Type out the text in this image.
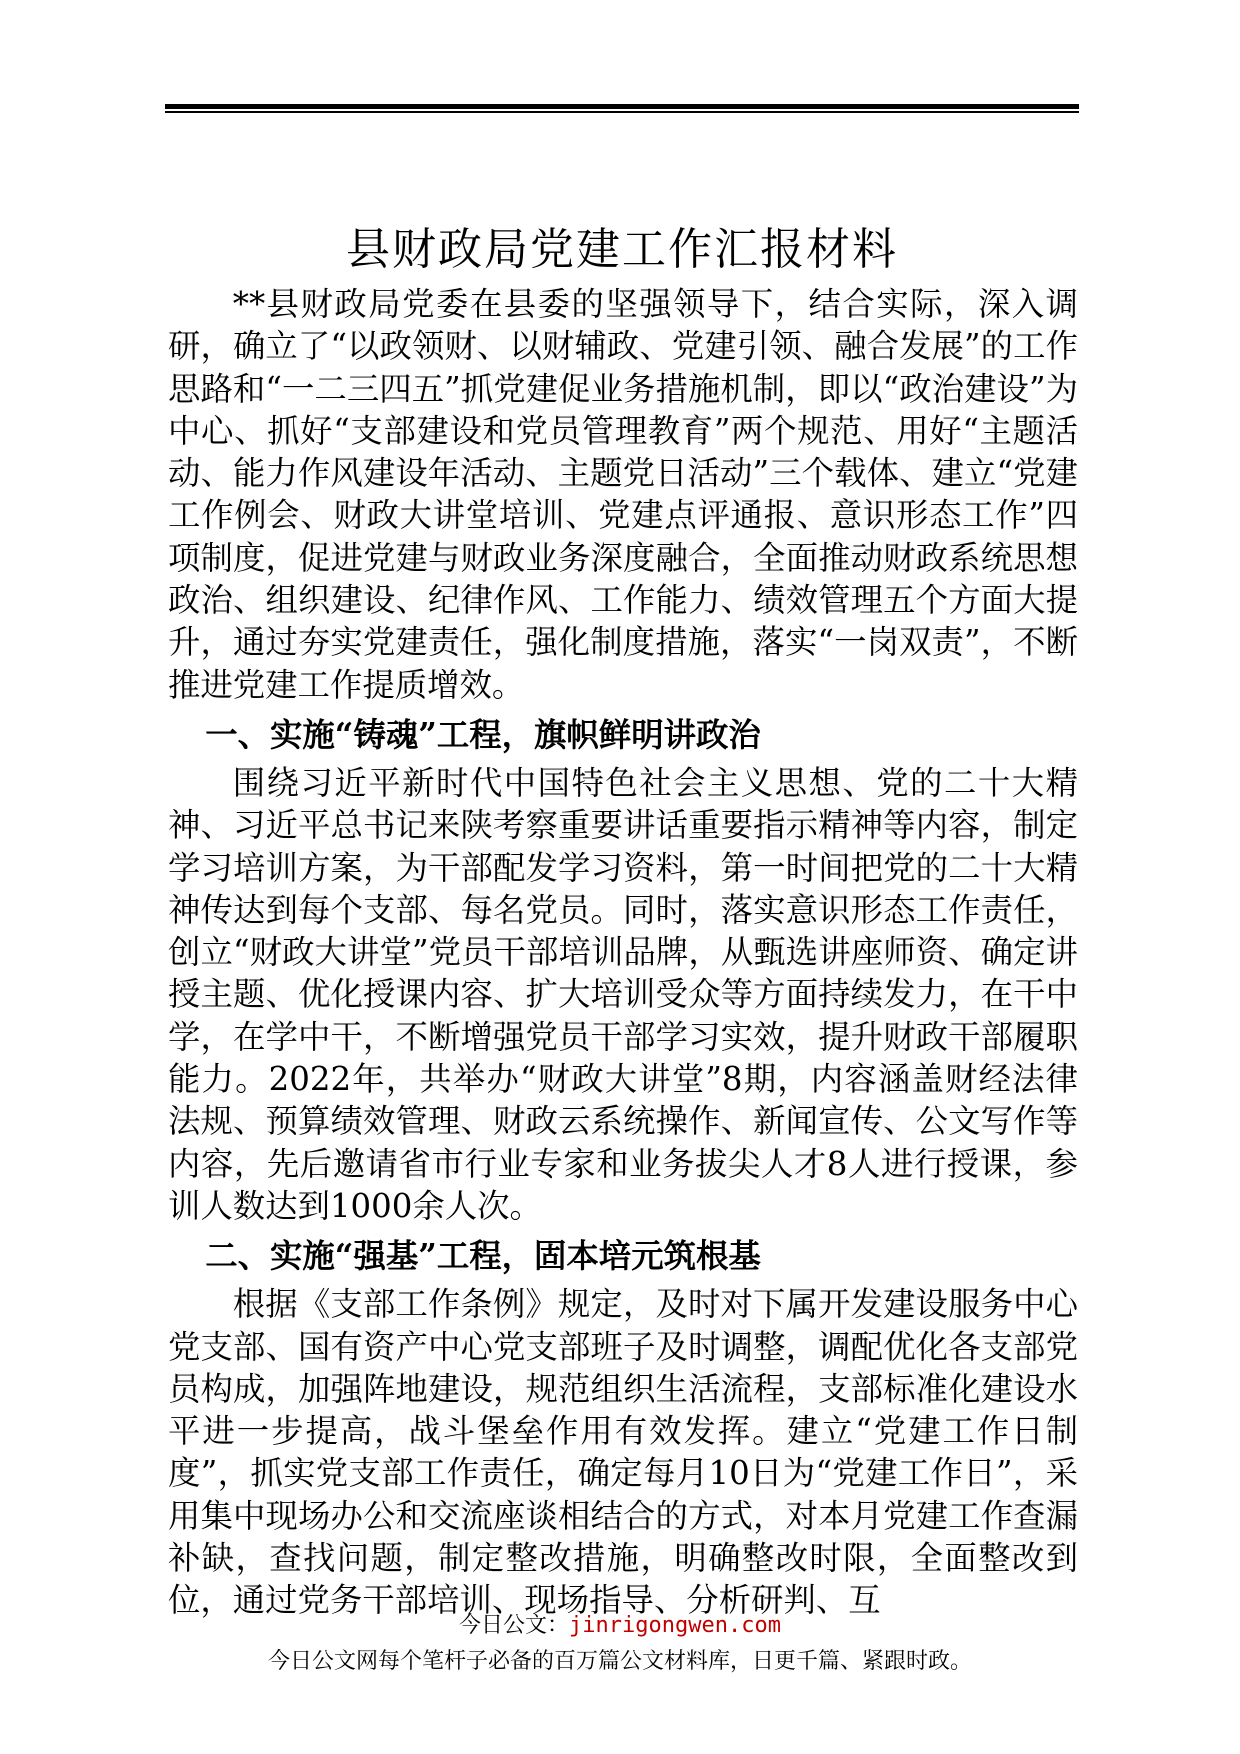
县财政局党建工作汇报材料

**县财政局党委在县委的坚强领导下，结合实际，深入调研，确立了“以政领财、以财辅政、党建引领、融合发展”的工作思路和“一二三四五”抓党建促业务措施机制，即以“政治建设”为中心、抓好“支部建设和党员管理教育”两个规范、用好“主题活动、能力作风建设年活动、主题党日活动”三个载体、建立“党建工作例会、财政大讲堂培训、党建点评通报、意识形态工作”四项制度，促进党建与财政业务深度融合，全面推动财政系统思想政治、组织建设、纪律作风、工作能力、绩效管理五个方面大提升，通过夯实党建责任，强化制度措施，落实“一岗双责”，不断推进党建工作提质增效。

一、实施“铸魂”工程，旗帜鲜明讲政治

围绕习近平新时代中国特色社会主义思想、党的二十大精神、习近平总书记来陕考察重要讲话重要指示精神等内容，制定学习培训方案，为干部配发学习资料，第一时间把党的二十大精神传达到每个支部、每名党员。同时，落实意识形态工作责任，创立“财政大讲堂”党员干部培训品牌，从甄选讲座师资、确定讲授主题、优化授课内容、扩大培训受众等方面持续发力，在干中学，在学中干，不断增强党员干部学习实效，提升财政干部履职能力。2022年，共举办“财政大讲堂”8期，内容涵盖财经法律法规、预算绩效管理、财政云系统操作、新闻宣传、公文写作等内容，先后邀请省市行业专家和业务拔尖人才8人进行授课，参训人数达到1000余人次。

二、实施“强基”工程，固本培元筑根基

根据《支部工作条例》规定，及时对下属开发建设服务中心党支部、国有资产中心党支部班子及时调整，调配优化各支部党员构成，加强阵地建设，规范组织生活流程，支部标准化建设水平进一步提高，战斗堡垒作用有效发挥。建立“党建工作日制度”，抓实党支部工作责任，确定每月10日为“党建工作日”，采用集中现场办公和交流座谈相结合的方式，对本月党建工作查漏补缺，查找问题，制定整改措施，明确整改时限，全面整改到位，通过党务干部培训、现场指导、分析研判、互

今日公文：jinrigongwen.com
今日公文网每个笔杆子必备的百万篇公文材料库，日更千篇、紧跟时政。
